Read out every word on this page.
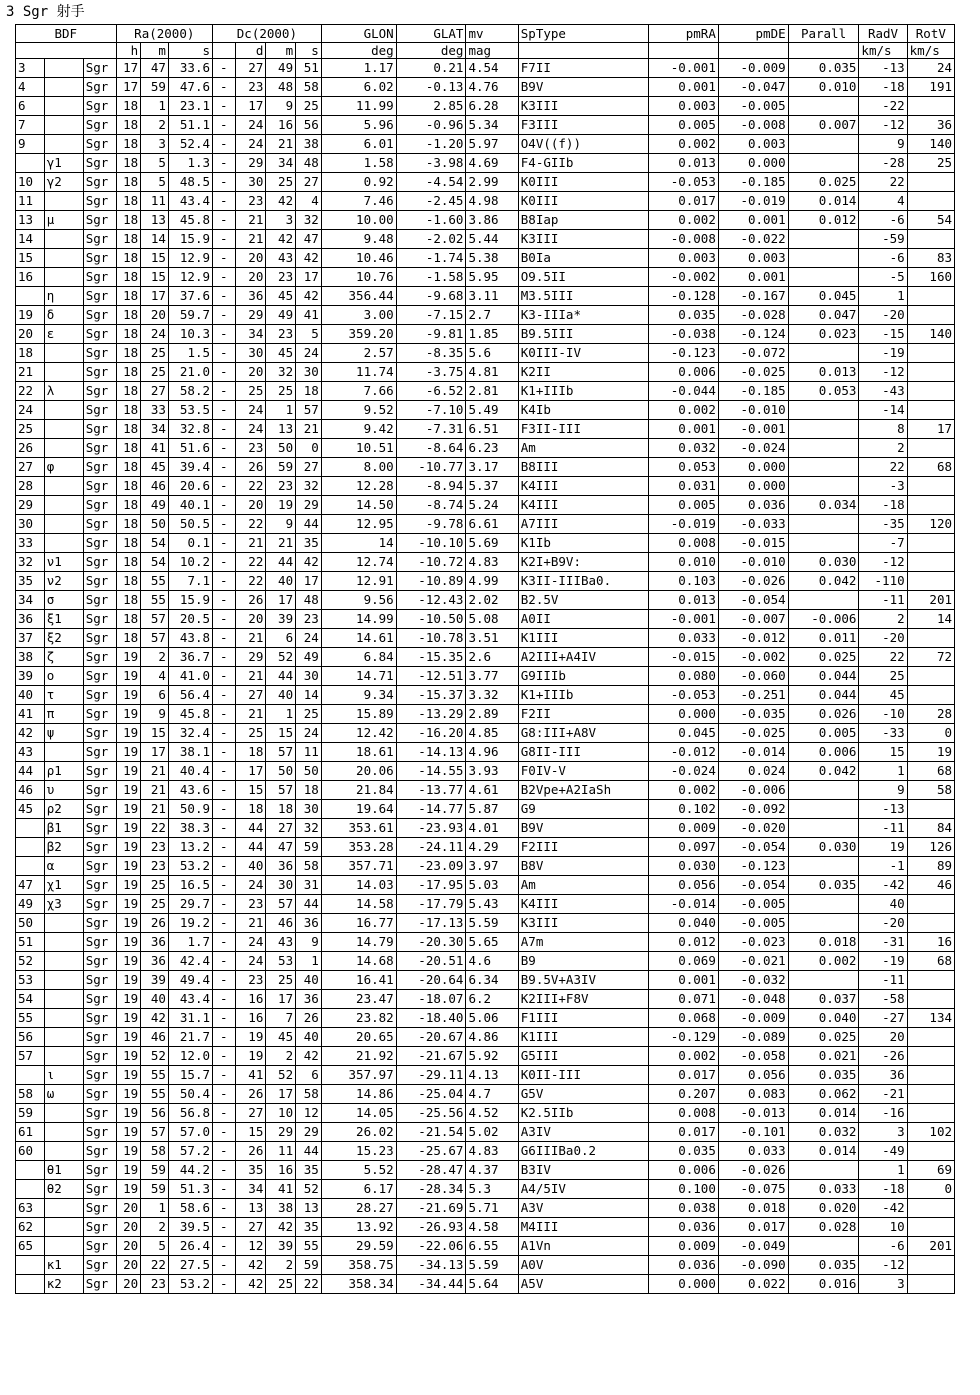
3 Sgr 射手
BDF			Ra(2000)			Dc(2000)				GLON	GLAT	mv	SpType	pmRA	pmDE	Parall	RadV	RotV
			h	m	s		d	m	s	deg	deg	mag					km/s	km/s
3		Sgr	17	47	33.6	-	27	49	51	1.17	0.21	4.54	F7II	-0.001	-0.009	0.035	-13	24
4		Sgr	17	59	47.6	-	23	48	58	6.02	-0.13	4.76	B9V	0.001	-0.047	0.010	-18	191
6		Sgr	18	1	23.1	-	17	9	25	11.99	2.85	6.28	K3III	0.003	-0.005		-22	
7		Sgr	18	2	51.1	-	24	16	56	5.96	-0.96	5.34	F3III	0.005	-0.008	0.007	-12	36
9		Sgr	18	3	52.4	-	24	21	38	6.01	-1.20	5.97	O4V((f))	0.002	0.003		9	140
	γ1	Sgr	18	5	1.3	-	29	34	48	1.58	-3.98	4.69	F4-GIIb	0.013	0.000		-28	25
10	γ2	Sgr	18	5	48.5	-	30	25	27	0.92	-4.54	2.99	K0III	-0.053	-0.185	0.025	22	
11		Sgr	18	11	43.4	-	23	42	4	7.46	-2.45	4.98	K0III	0.017	-0.019	0.014	4	
13	μ	Sgr	18	13	45.8	-	21	3	32	10.00	-1.60	3.86	B8Iap	0.002	0.001	0.012	-6	54
14		Sgr	18	14	15.9	-	21	42	47	9.48	-2.02	5.44	K3III	-0.008	-0.022		-59	
15		Sgr	18	15	12.9	-	20	43	42	10.46	-1.74	5.38	B0Ia	0.003	0.003		-6	83
16		Sgr	18	15	12.9	-	20	23	17	10.76	-1.58	5.95	O9.5II	-0.002	0.001		-5	160
	η	Sgr	18	17	37.6	-	36	45	42	356.44	-9.68	3.11	M3.5III	-0.128	-0.167	0.045	1	
19	δ	Sgr	18	20	59.7	-	29	49	41	3.00	-7.15	2.7	K3-IIIa*	0.035	-0.028	0.047	-20	
20	ε	Sgr	18	24	10.3	-	34	23	5	359.20	-9.81	1.85	B9.5III	-0.038	-0.124	0.023	-15	140
18		Sgr	18	25	1.5	-	30	45	24	2.57	-8.35	5.6	K0III-IV	-0.123	-0.072		-19	
21		Sgr	18	25	21.0	-	20	32	30	11.74	-3.75	4.81	K2II	0.006	-0.025	0.013	-12	
22	λ	Sgr	18	27	58.2	-	25	25	18	7.66	-6.52	2.81	K1+IIIb	-0.044	-0.185	0.053	-43	
24		Sgr	18	33	53.5	-	24	1	57	9.52	-7.10	5.49	K4Ib	0.002	-0.010		-14	
25		Sgr	18	34	32.8	-	24	13	21	9.42	-7.31	6.51	F3II-III	0.001	-0.001		8	17
26		Sgr	18	41	51.6	-	23	50	0	10.51	-8.64	6.23	Am	0.032	-0.024		2	
27	φ	Sgr	18	45	39.4	-	26	59	27	8.00	-10.77	3.17	B8III	0.053	0.000		22	68
28		Sgr	18	46	20.6	-	22	23	32	12.28	-8.94	5.37	K4III	0.031	0.000		-3	
29		Sgr	18	49	40.1	-	20	19	29	14.50	-8.74	5.24	K4III	0.005	0.036	0.034	-18	
30		Sgr	18	50	50.5	-	22	9	44	12.95	-9.78	6.61	A7III	-0.019	-0.033		-35	120
33		Sgr	18	54	0.1	-	21	21	35	14	-10.10	5.69	K1Ib	0.008	-0.015		-7	
32	ν1	Sgr	18	54	10.2	-	22	44	42	12.74	-10.72	4.83	K2I+B9V:	0.010	-0.010	0.030	-12	
35	ν2	Sgr	18	55	7.1	-	22	40	17	12.91	-10.89	4.99	K3II-IIIBa0.	0.103	-0.026	0.042	-110	
34	σ	Sgr	18	55	15.9	-	26	17	48	9.56	-12.43	2.02	B2.5V	0.013	-0.054		-11	201
36	ξ1	Sgr	18	57	20.5	-	20	39	23	14.99	-10.50	5.08	A0II	-0.001	-0.007	-0.006	2	14
37	ξ2	Sgr	18	57	43.8	-	21	6	24	14.61	-10.78	3.51	K1III	0.033	-0.012	0.011	-20	
38	ζ	Sgr	19	2	36.7	-	29	52	49	6.84	-15.35	2.6	A2III+A4IV	-0.015	-0.002	0.025	22	72
39	ο	Sgr	19	4	41.0	-	21	44	30	14.71	-12.51	3.77	G9IIIb	0.080	-0.060	0.044	25	
40	τ	Sgr	19	6	56.4	-	27	40	14	9.34	-15.37	3.32	K1+IIIb	-0.053	-0.251	0.044	45	
41	π	Sgr	19	9	45.8	-	21	1	25	15.89	-13.29	2.89	F2II	0.000	-0.035	0.026	-10	28
42	ψ	Sgr	19	15	32.4	-	25	15	24	12.42	-16.20	4.85	G8:III+A8V	0.045	-0.025	0.005	-33	0
43		Sgr	19	17	38.1	-	18	57	11	18.61	-14.13	4.96	G8II-III	-0.012	-0.014	0.006	15	19
44	ρ1	Sgr	19	21	40.4	-	17	50	50	20.06	-14.55	3.93	F0IV-V	-0.024	0.024	0.042	1	68
46	υ	Sgr	19	21	43.6	-	15	57	18	21.84	-13.77	4.61	B2Vpe+A2IaSh	0.002	-0.006		9	58
45	ρ2	Sgr	19	21	50.9	-	18	18	30	19.64	-14.77	5.87	G9	0.102	-0.092		-13	
	β1	Sgr	19	22	38.3	-	44	27	32	353.61	-23.93	4.01	B9V	0.009	-0.020		-11	84
	β2	Sgr	19	23	13.2	-	44	47	59	353.28	-24.11	4.29	F2III	0.097	-0.054	0.030	19	126
	α	Sgr	19	23	53.2	-	40	36	58	357.71	-23.09	3.97	B8V	0.030	-0.123		-1	89
47	χ1	Sgr	19	25	16.5	-	24	30	31	14.03	-17.95	5.03	Am	0.056	-0.054	0.035	-42	46
49	χ3	Sgr	19	25	29.7	-	23	57	44	14.58	-17.79	5.43	K4III	-0.014	-0.005		40	
50		Sgr	19	26	19.2	-	21	46	36	16.77	-17.13	5.59	K3III	0.040	-0.005		-20	
51		Sgr	19	36	1.7	-	24	43	9	14.79	-20.30	5.65	A7m	0.012	-0.023	0.018	-31	16
52		Sgr	19	36	42.4	-	24	53	1	14.68	-20.51	4.6	B9	0.069	-0.021	0.002	-19	68
53		Sgr	19	39	49.4	-	23	25	40	16.41	-20.64	6.34	B9.5V+A3IV	0.001	-0.032		-11	
54		Sgr	19	40	43.4	-	16	17	36	23.47	-18.07	6.2	K2III+F8V	0.071	-0.048	0.037	-58	
55		Sgr	19	42	31.1	-	16	7	26	23.82	-18.40	5.06	F1III	0.068	-0.009	0.040	-27	134
56		Sgr	19	46	21.7	-	19	45	40	20.65	-20.67	4.86	K1III	-0.129	-0.089	0.025	20	
57		Sgr	19	52	12.0	-	19	2	42	21.92	-21.67	5.92	G5III	0.002	-0.058	0.021	-26	
	ι	Sgr	19	55	15.7	-	41	52	6	357.97	-29.11	4.13	K0II-III	0.017	0.056	0.035	36	
58	ω	Sgr	19	55	50.4	-	26	17	58	14.86	-25.04	4.7	G5V	0.207	0.083	0.062	-21	
59		Sgr	19	56	56.8	-	27	10	12	14.05	-25.56	4.52	K2.5IIb	0.008	-0.013	0.014	-16	
61		Sgr	19	57	57.0	-	15	29	29	26.02	-21.54	5.02	A3IV	0.017	-0.101	0.032	3	102
60		Sgr	19	58	57.2	-	26	11	44	15.23	-25.67	4.83	G6IIIBa0.2	0.035	0.033	0.014	-49	
	θ1	Sgr	19	59	44.2	-	35	16	35	5.52	-28.47	4.37	B3IV	0.006	-0.026		1	69
	θ2	Sgr	19	59	51.3	-	34	41	52	6.17	-28.34	5.3	A4/5IV	0.100	-0.075	0.033	-18	0
63		Sgr	20	1	58.6	-	13	38	13	28.27	-21.69	5.71	A3V	0.038	0.018	0.020	-42	
62		Sgr	20	2	39.5	-	27	42	35	13.92	-26.93	4.58	M4III	0.036	0.017	0.028	10	
65		Sgr	20	5	26.4	-	12	39	55	29.59	-22.06	6.55	A1Vn	0.009	-0.049		-6	201
	κ1	Sgr	20	22	27.5	-	42	2	59	358.75	-34.13	5.59	A0V	0.036	-0.090	0.035	-12	
	κ2	Sgr	20	23	53.2	-	42	25	22	358.34	-34.44	5.64	A5V	0.000	0.022	0.016	3	
